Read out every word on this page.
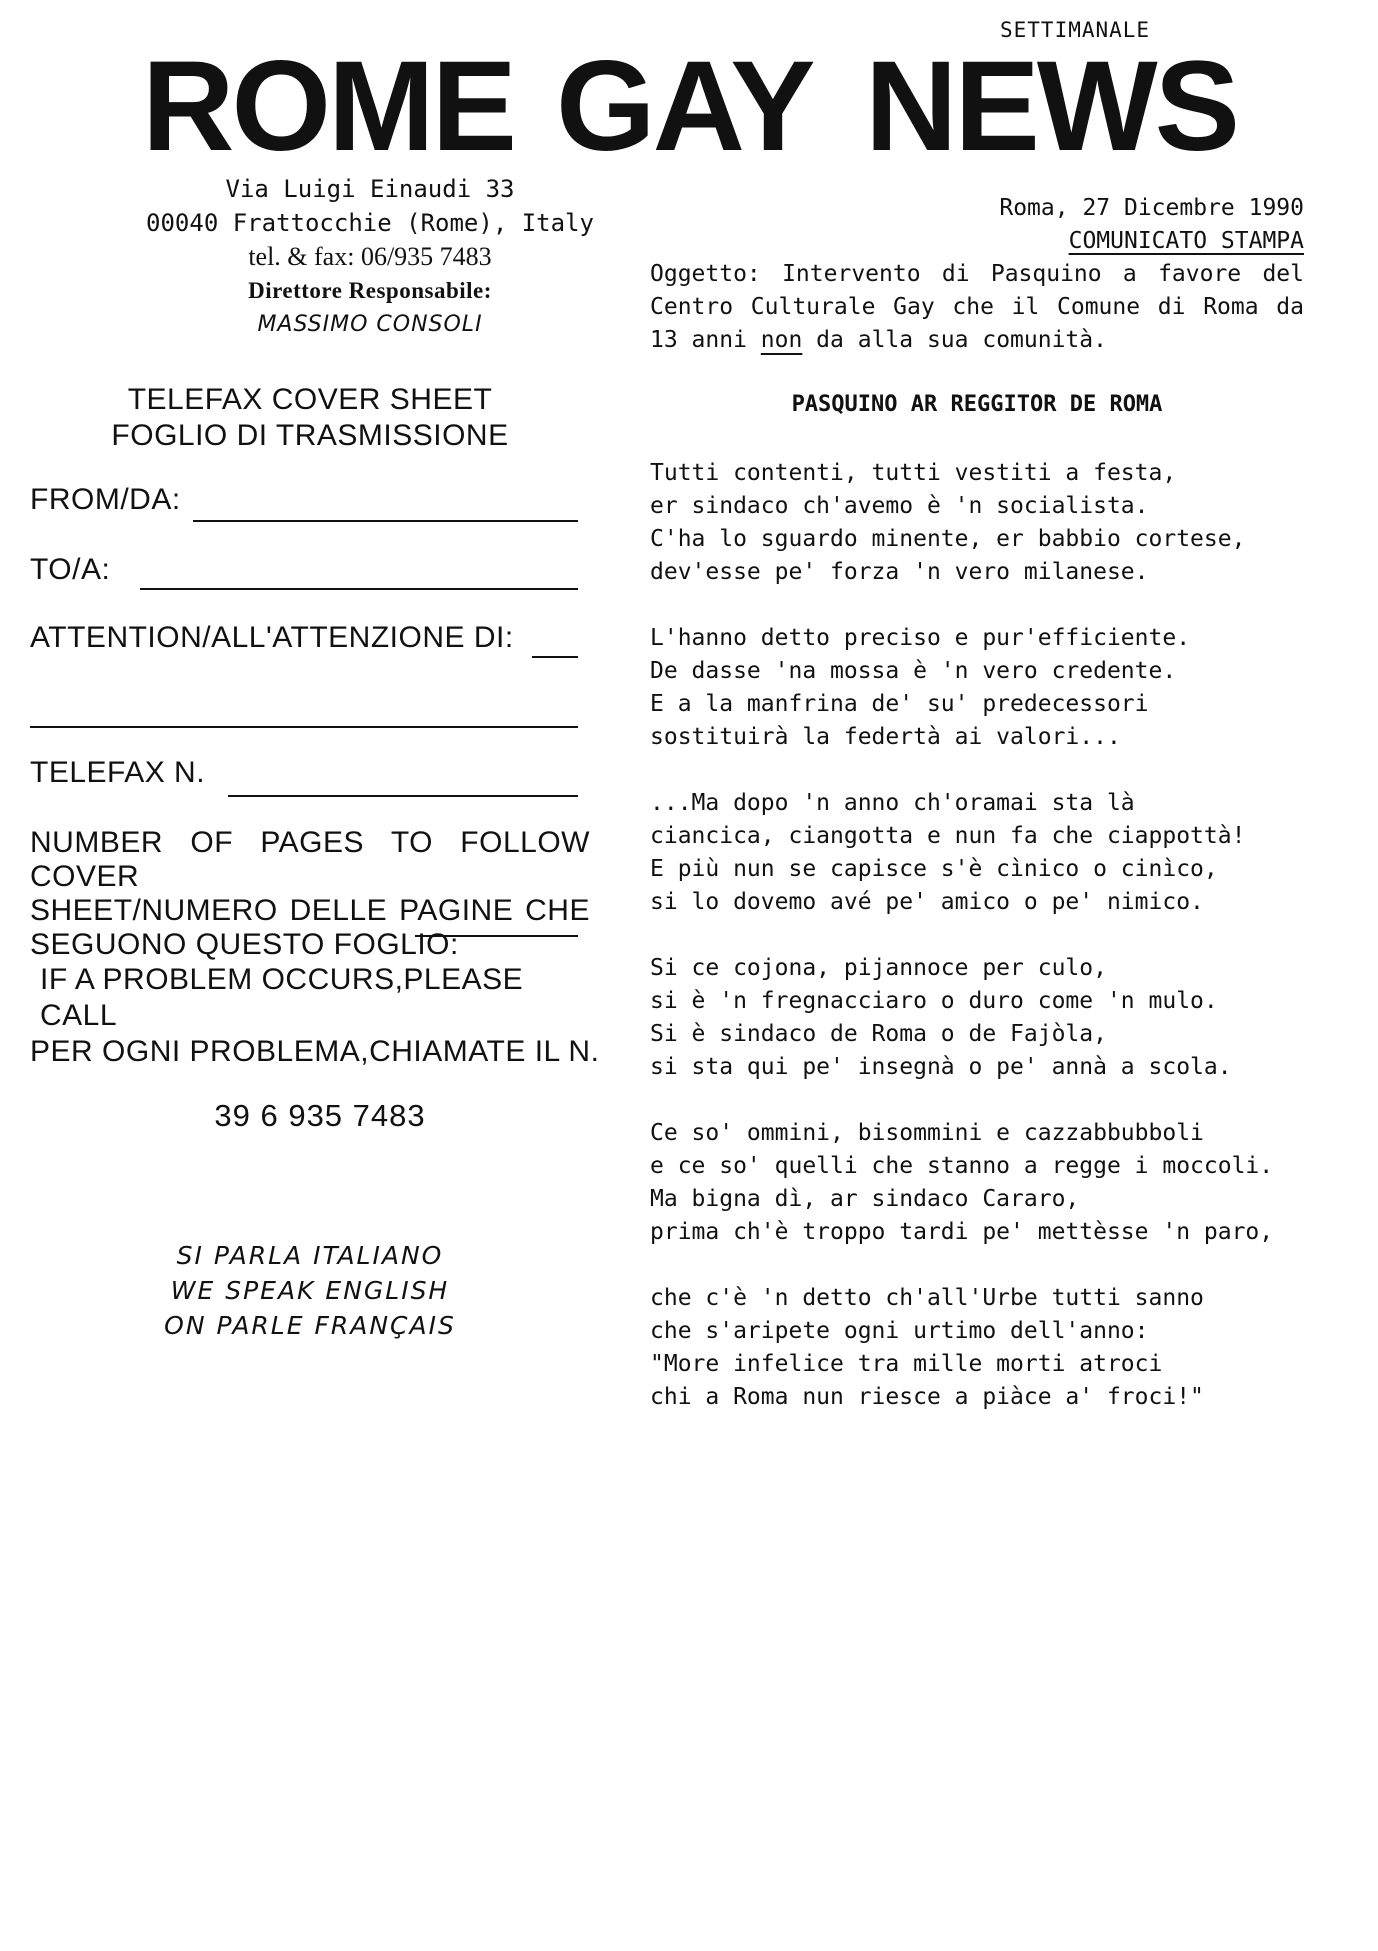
SETTIMANALE
ROME GAY NEWS
Via Luigi Einaudi 33
00040 Frattocchie (Rome), Italy
tel. & fax: 06/935 7483
Direttore Responsabile:
MASSIMO CONSOLI
TELEFAX COVER SHEET
FOGLIO DI TRASMISSIONE
FROM/DA:
TO/A:
ATTENTION/ALL'ATTENZIONE DI:
TELEFAX N.
NUMBER OF PAGES TO FOLLOW COVER
SHEET/NUMERO DELLE PAGINE CHE
SEGUONO QUESTO FOGLIO:
IF A PROBLEM OCCURS,PLEASE CALL
PER OGNI PROBLEMA,CHIAMATE IL N.
39 6 935 7483
SI PARLA ITALIANO
WE SPEAK ENGLISH
ON PARLE FRANÇAIS
Roma, 27 Dicembre 1990
COMUNICATO STAMPA
Oggetto: Intervento di Pasquino a favore del
Centro Culturale Gay che il Comune di Roma da
13 anni non da alla sua comunità.
PASQUINO AR REGGITOR DE ROMA
Tutti contenti, tutti vestiti a festa,
er sindaco ch'avemo è 'n socialista.
C'ha lo sguardo minente, er babbio cortese,
dev'esse pe' forza 'n vero milanese.
L'hanno detto preciso e pur'efficiente.
De dasse 'na mossa è 'n vero credente.
E a la manfrina de' su' predecessori
sostituirà la federtà ai valori...
...Ma dopo 'n anno ch'oramai sta là
ciancica, ciangotta e nun fa che ciappottà!
E più nun se capisce s'è cìnico o cinìco,
si lo dovemo avé pe' amico o pe' nimico.
Si ce cojona, pijannoce per culo,
si è 'n fregnacciaro o duro come 'n mulo.
Si è sindaco de Roma o de Fajòla,
si sta qui pe' insegnà o pe' annà a scola.
Ce so' ommini, bisommini e cazzabbubboli
e ce so' quelli che stanno a regge i moccoli.
Ma bigna dì, ar sindaco Cararo,
prima ch'è troppo tardi pe' mettèsse 'n paro,
che c'è 'n detto ch'all'Urbe tutti sanno
che s'aripete ogni urtimo dell'anno:
"More infelice tra mille morti atroci
chi a Roma nun riesce a piàce a' froci!"
